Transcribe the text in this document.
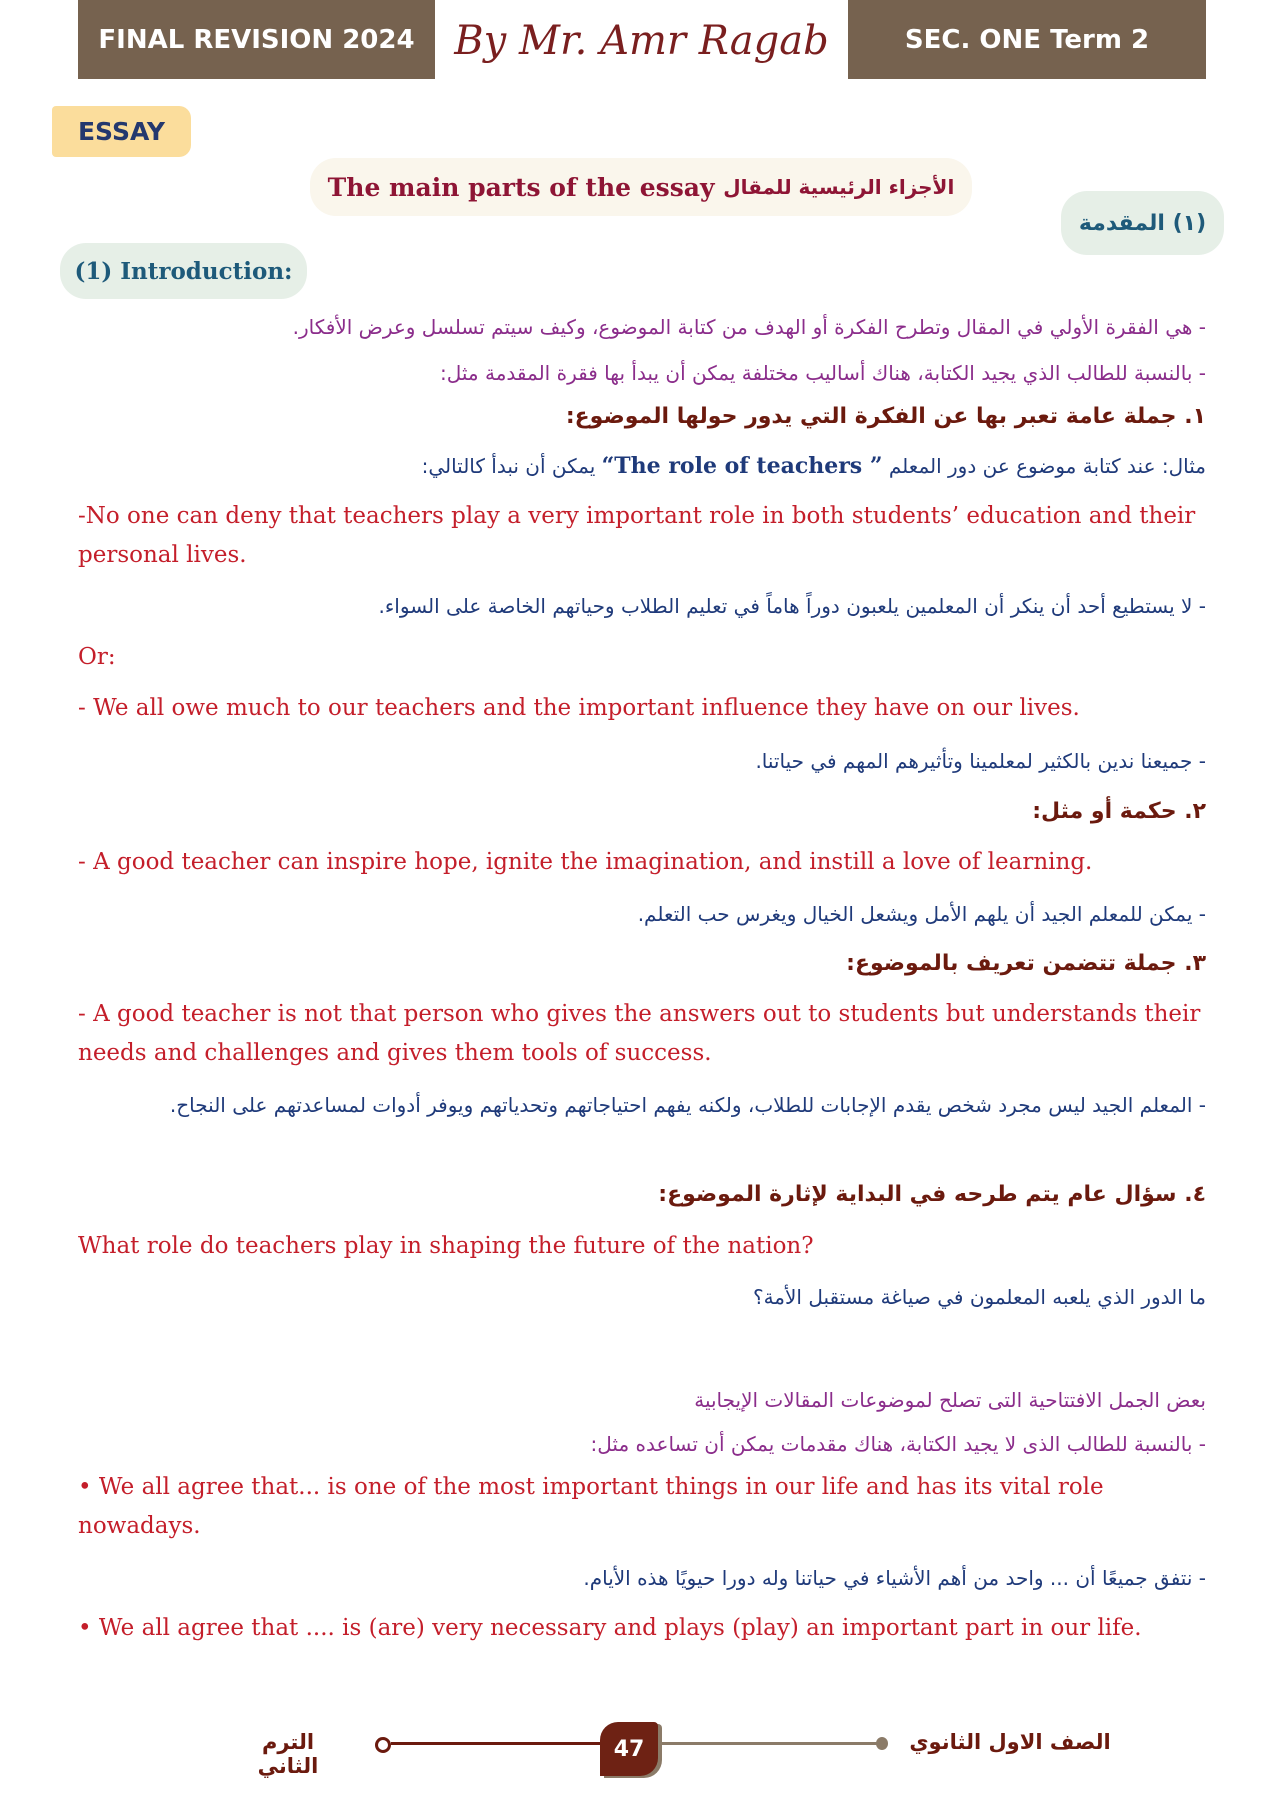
FINAL REVISION 2024 By Mr. Amr Ragab	SEC. ONE Term 2
ESSAY
The main parts of the essay
الأجزاء الرئيسية للمقال
(١) المقدمة
(1) Introduction:
- هي الفقرة الأولي في المقال وتطرح الفكرة أو الهدف من كتابة الموضوع، وكيف سيتم تسلسل وعرض الأفكار.
- بالنسبة للطالب الذي يجيد الكتابة، هناك أساليب مختلفة يمكن أن يبدأ بها فقرة المقدمة مثل:
١. جملة عامة تعبر بها عن الفكرة التي يدور حولها الموضوع:
مثال: عند كتابة موضوع عن دور المعلم “The role of teachers ” يمكن أن نبدأ كالتالي:
-No one can deny that teachers play a very important role in both students’ education and their personal lives.
- لا يستطيع أحد أن ينكر أن المعلمين يلعبون دوراً هاماً في تعليم الطلاب وحياتهم الخاصة على السواء.
Or:
- We all owe much to our teachers and the important influence they have on our lives.
- جميعنا ندين بالكثير لمعلمينا وتأثيرهم المهم في حياتنا.
٢. حكمة أو مثل:
- A good teacher can inspire hope, ignite the imagination, and instill a love of learning.
- يمكن للمعلم الجيد أن يلهم الأمل ويشعل الخيال ويغرس حب التعلم.
٣. جملة تتضمن تعريف بالموضوع:
- A good teacher is not that person who gives the answers out to students but understands their needs and challenges and gives them tools of success.
- المعلم الجيد ليس مجرد شخص يقدم الإجابات للطلاب، ولكنه يفهم احتياجاتهم وتحدياتهم ويوفر أدوات لمساعدتهم على النجاح.
٤. سؤال عام يتم طرحه في البداية لإثارة الموضوع:
What role do teachers play in shaping the future of the nation?
ما الدور الذي يلعبه المعلمون في صياغة مستقبل الأمة؟
بعض الجمل الافتتاحية التى تصلح لموضوعات المقالات الإيجابية
- بالنسبة للطالب الذى لا يجيد الكتابة، هناك مقدمات يمكن أن تساعده مثل:
• We all agree that... is one of the most important things in our life and has its vital role nowadays.
- نتفق جميعًا أن ... واحد من أهم الأشياء في حياتنا وله دورا حيويًا هذه الأيام.
• We all agree that .... is (are) very necessary and plays (play) an important part in our life.
الترم الثاني
47	الصف الاول الثانوي
